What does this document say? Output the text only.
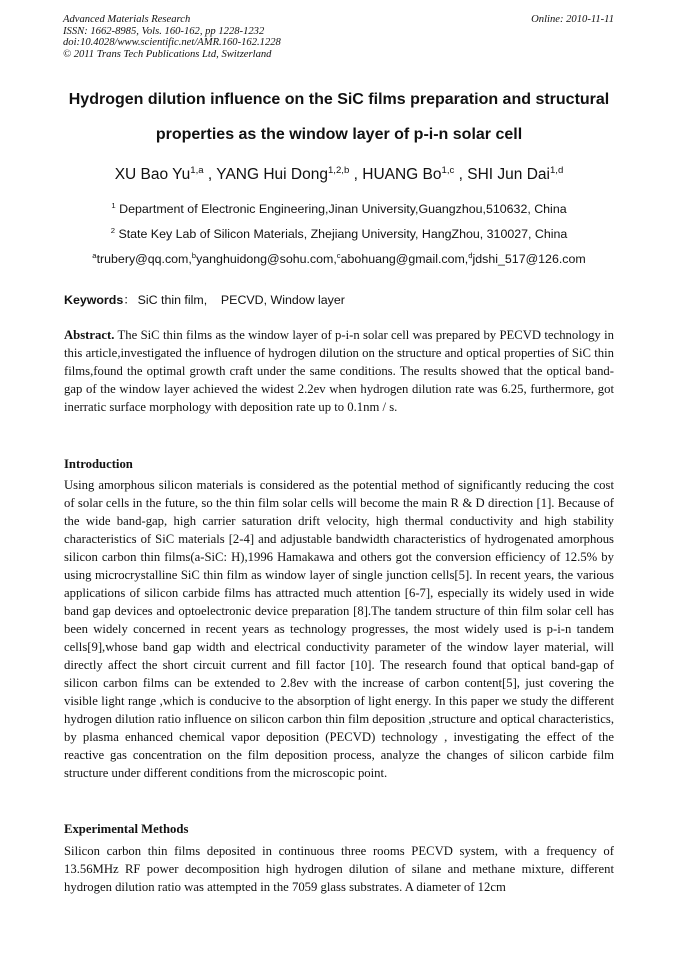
Advanced Materials Research
ISSN: 1662-8985, Vols. 160-162, pp 1228-1232
doi:10.4028/www.scientific.net/AMR.160-162.1228
© 2011 Trans Tech Publications Ltd, Switzerland
Online: 2010-11-11
Hydrogen dilution influence on the SiC films preparation and structural
properties as the window layer of p-i-n solar cell
XU Bao Yu$^{1,a}$ , YANG Hui Dong$^{1,2,b}$ , HUANG Bo$^{1,c}$ , SHI Jun Dai$^{1,d}$
$^1$ Department of Electronic Engineering,Jinan University,Guangzhou,510632, China
$^2$ State Key Lab of Silicon Materials, Zhejiang University, HangZhou, 310027, China
$^a$trubery@qq.com,$^b$yanghuidong@sohu.com,$^c$abohuang@gmail.com,$^d$jdshi_517@126.com
Keywords： SiC thin film,    PECVD, Window layer
Abstract. The SiC thin films as the window layer of p-i-n solar cell was prepared by PECVD technology in this article,investigated the influence of hydrogen dilution on the structure and optical properties of SiC thin films,found the optimal growth craft under the same conditions. The results showed that the optical band-gap of the window layer achieved the widest 2.2ev when hydrogen dilution rate was 6.25, furthermore, got inerratic surface morphology with deposition rate up to 0.1nm / s.
Introduction
Using amorphous silicon materials is considered as the potential method of significantly reducing the cost of solar cells in the future, so the thin film solar cells will become the main R & D direction [1]. Because of the wide band-gap, high carrier saturation drift velocity, high thermal conductivity and high stability characteristics of SiC materials [2-4] and adjustable bandwidth characteristics of hydrogenated amorphous silicon carbon thin films(a-SiC: H),1996 Hamakawa and others got the conversion efficiency of 12.5% by using microcrystalline SiC thin film as window layer of single junction cells[5]. In recent years, the various applications of silicon carbide films has attracted much attention [6-7], especially its widely used in wide band gap devices and optoelectronic device preparation [8].The tandem structure of thin film solar cell has been widely concerned in recent years as technology progresses, the most widely used is p-i-n tandem cells[9],whose band gap width and electrical conductivity parameter of the window layer material, will directly affect the short circuit current and fill factor [10]. The research found that optical band-gap of silicon carbon films can be extended to 2.8ev with the increase of carbon content[5], just covering the visible light range ,which is conducive to the absorption of light energy. In this paper we study the different hydrogen dilution ratio influence on silicon carbon thin film deposition ,structure and optical characteristics, by plasma enhanced chemical vapor deposition (PECVD) technology , investigating the effect of the reactive gas concentration on the film deposition process, analyze the changes of silicon carbide film structure under different conditions from the microscopic point.
Experimental Methods
Silicon carbon thin films deposited in continuous three rooms PECVD system, with a frequency of 13.56MHz RF power decomposition high hydrogen dilution of silane and methane mixture, different hydrogen dilution ratio was attempted in the 7059 glass substrates. A diameter of 12cm
